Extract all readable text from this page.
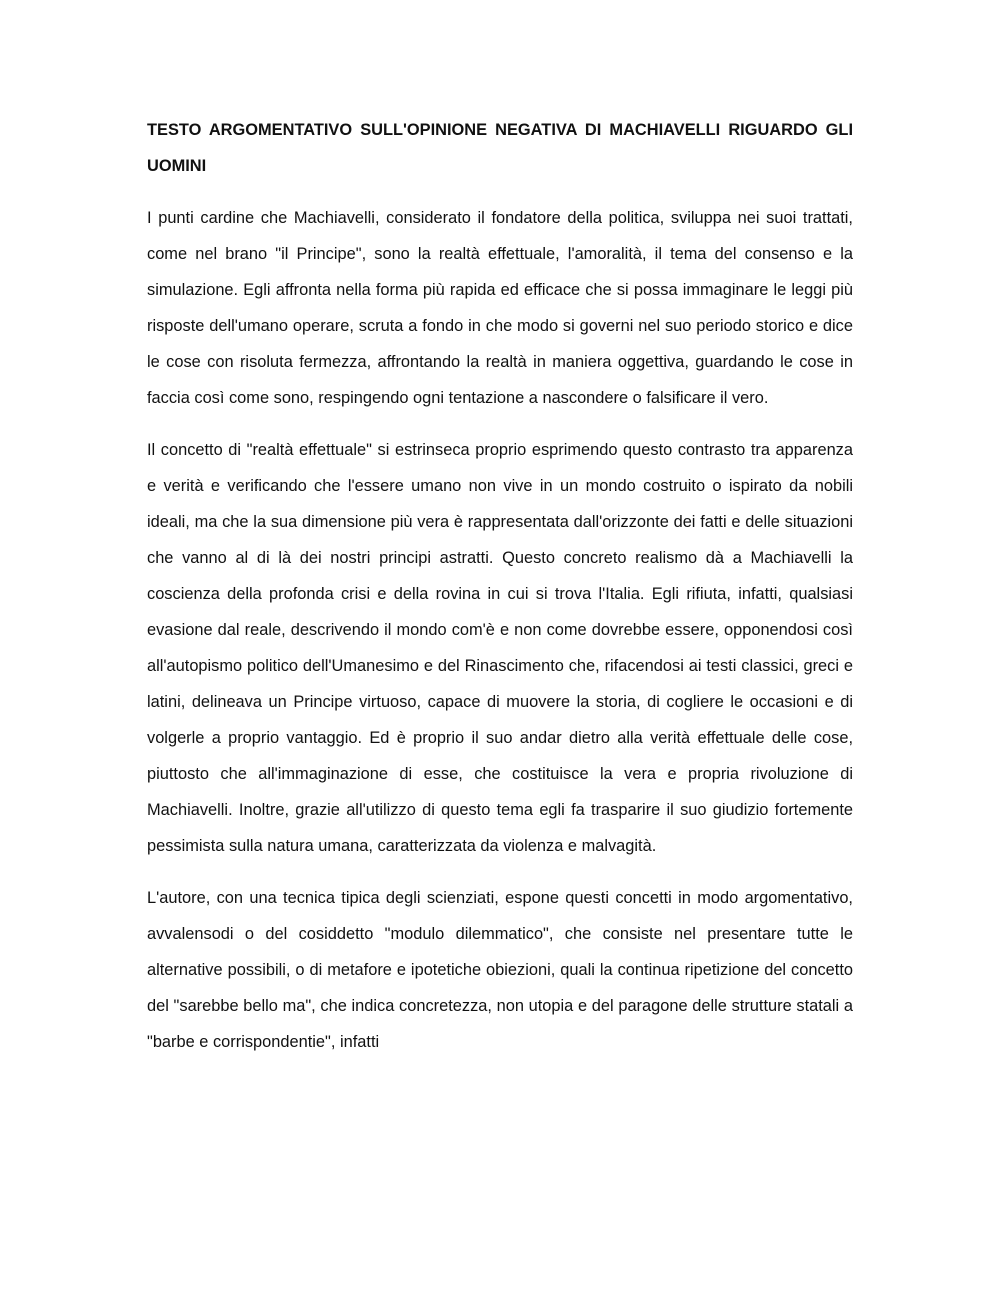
TESTO ARGOMENTATIVO SULL'OPINIONE NEGATIVA DI MACHIAVELLI RIGUARDO GLI
UOMINI

I punti cardine che Machiavelli, considerato il fondatore della politica, sviluppa nei suoi trattati, come nel brano "il Principe", sono la realtà effettuale, l'amoralità, il tema del consenso e la simulazione. Egli affronta nella forma più rapida ed efficace che si possa immaginare le leggi più risposte dell'umano operare, scruta a fondo in che modo si governi nel suo periodo storico e dice le cose con risoluta fermezza, affrontando la realtà in maniera oggettiva, guardando le cose in faccia così come sono, respingendo ogni tentazione a nascondere o falsificare il vero.

Il concetto di "realtà effettuale" si estrinseca proprio esprimendo questo contrasto tra apparenza e verità e verificando che l'essere umano non vive in un mondo costruito o ispirato da nobili ideali, ma che la sua dimensione più vera è rappresentata dall'orizzonte dei fatti e delle situazioni che vanno al di là dei nostri principi astratti. Questo concreto realismo dà a Machiavelli la coscienza della profonda crisi e della rovina in cui si trova l'Italia. Egli rifiuta, infatti, qualsiasi evasione dal reale, descrivendo il mondo com'è e non come dovrebbe essere, opponendosi così all'autopismo politico dell'Umanesimo e del Rinascimento che, rifacendosi ai testi classici, greci e latini, delineava un Principe virtuoso, capace di muovere la storia, di cogliere le occasioni e di volgerle a proprio vantaggio. Ed è proprio il suo andar dietro alla verità effettuale delle cose, piuttosto che all'immaginazione di esse, che costituisce la vera e propria rivoluzione di Machiavelli. Inoltre, grazie all'utilizzo di questo tema egli fa trasparire il suo giudizio fortemente pessimista sulla natura umana, caratterizzata da violenza e malvagità.

L'autore, con una tecnica tipica degli scienziati, espone questi concetti in modo argomentativo, avvalensodi o del cosiddetto "modulo dilemmatico", che consiste nel presentare tutte le alternative possibili, o di metafore e ipotetiche obiezioni, quali la continua ripetizione del concetto del "sarebbe bello ma", che indica concretezza, non utopia e del paragone delle strutture statali a "barbe e corrispondentie", infatti
